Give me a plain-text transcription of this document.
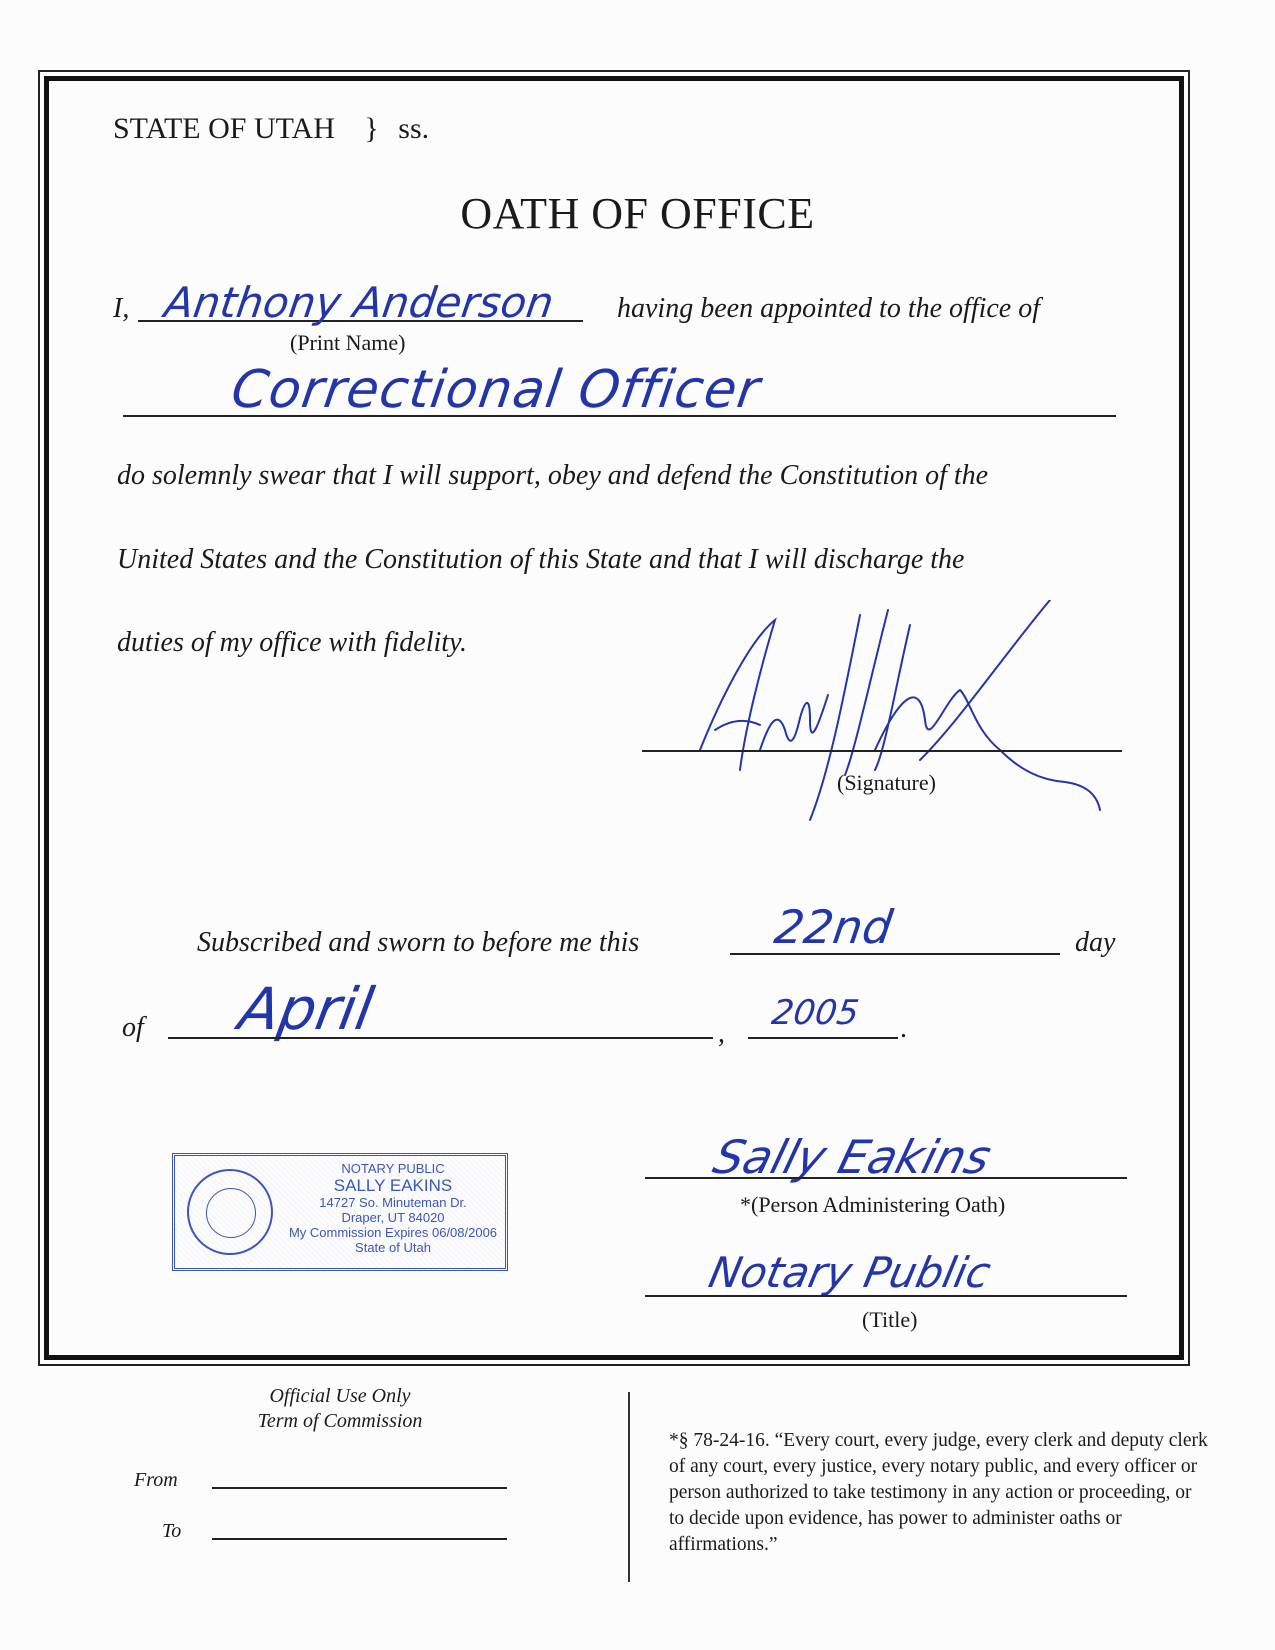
STATE OF UTAH } ss.
OATH OF OFFICE
I, Anthony Anderson
(Print Name)
having been appointed to the office of
Correctional Officer
do solemnly swear that I will support, obey and defend the Constitution of the
United States and the Constitution of this State and that I will discharge the
duties of my office with fidelity.
(Signature)
Subscribed and sworn to before me this	22nd	day
of April	,
2005 .
NOTARY PUBLIC
SALLY EAKINS
14727 So. Minuteman Dr.
Draper, UT 84020
My Commission Expires 06/08/2006
State of Utah
Sally Eakins
*(Person Administering Oath)
Notary Public
(Title)
Official Use Only
Term of Commission
From
To
*§ 78-24-16. “Every court, every judge, every clerk and deputy clerk of any court, every justice, every notary public, and every officer or person authorized to take testimony in any action or proceeding, or to decide upon evidence, has power to administer oaths or affirmations.”
